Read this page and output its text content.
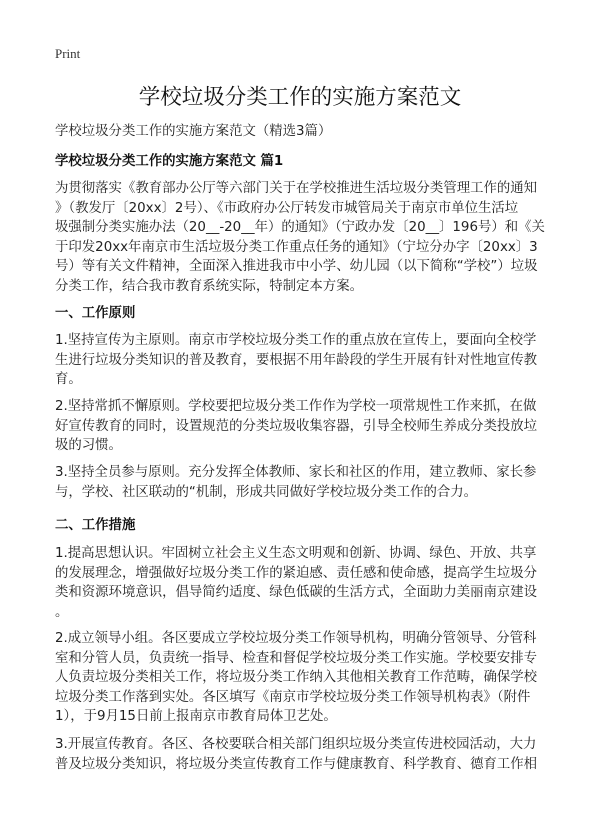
Print
学校垃圾分类工作的实施方案范文
学校垃圾分类工作的实施方案范文（精选3篇）
学校垃圾分类工作的实施方案范文 篇1
为贯彻落实《教育部办公厅等六部门关于在学校推进生活垃圾分类管理工作的通知
》（教发厅〔20xx〕2号）、《市政府办公厅转发市城管局关于南京市单位生活垃
圾强制分类实施办法（20__-20__年）的通知》（宁政办发〔20__〕196号）和《关
于印发20xx年南京市生活垃圾分类工作重点任务的通知》（宁垃分办字〔20xx〕3
号）等有关文件精神，全面深入推进我市中小学、幼儿园（以下简称“学校”）垃圾
分类工作，结合我市教育系统实际，特制定本方案。
一、工作原则
1.坚持宣传为主原则。南京市学校垃圾分类工作的重点放在宣传上，要面向全校学
生进行垃圾分类知识的普及教育，要根据不用年龄段的学生开展有针对性地宣传教
育。
2.坚持常抓不懈原则。学校要把垃圾分类工作作为学校一项常规性工作来抓，在做
好宣传教育的同时，设置规范的分类垃圾收集容器，引导全校师生养成分类投放垃
圾的习惯。
3.坚持全员参与原则。充分发挥全体教师、家长和社区的作用，建立教师、家长参
与，学校、社区联动的“机制，形成共同做好学校垃圾分类工作的合力。
二、工作措施
1.提高思想认识。牢固树立社会主义生态文明观和创新、协调、绿色、开放、共享
的发展理念，增强做好垃圾分类工作的紧迫感、责任感和使命感，提高学生垃圾分
类和资源环境意识，倡导简约适度、绿色低碳的生活方式，全面助力美丽南京建设
。
2.成立领导小组。各区要成立学校垃圾分类工作领导机构，明确分管领导、分管科
室和分管人员，负责统一指导、检查和督促学校垃圾分类工作实施。学校要安排专
人负责垃圾分类相关工作，将垃圾分类工作纳入其他相关教育工作范畴，确保学校
垃圾分类工作落到实处。各区填写《南京市学校垃圾分类工作领导机构表》（附件
1），于9月15日前上报南京市教育局体卫艺处。
3.开展宣传教育。各区、各校要联合相关部门组织垃圾分类宣传进校园活动，大力
普及垃圾分类知识，将垃圾分类宣传教育工作与健康教育、科学教育、德育工作相
